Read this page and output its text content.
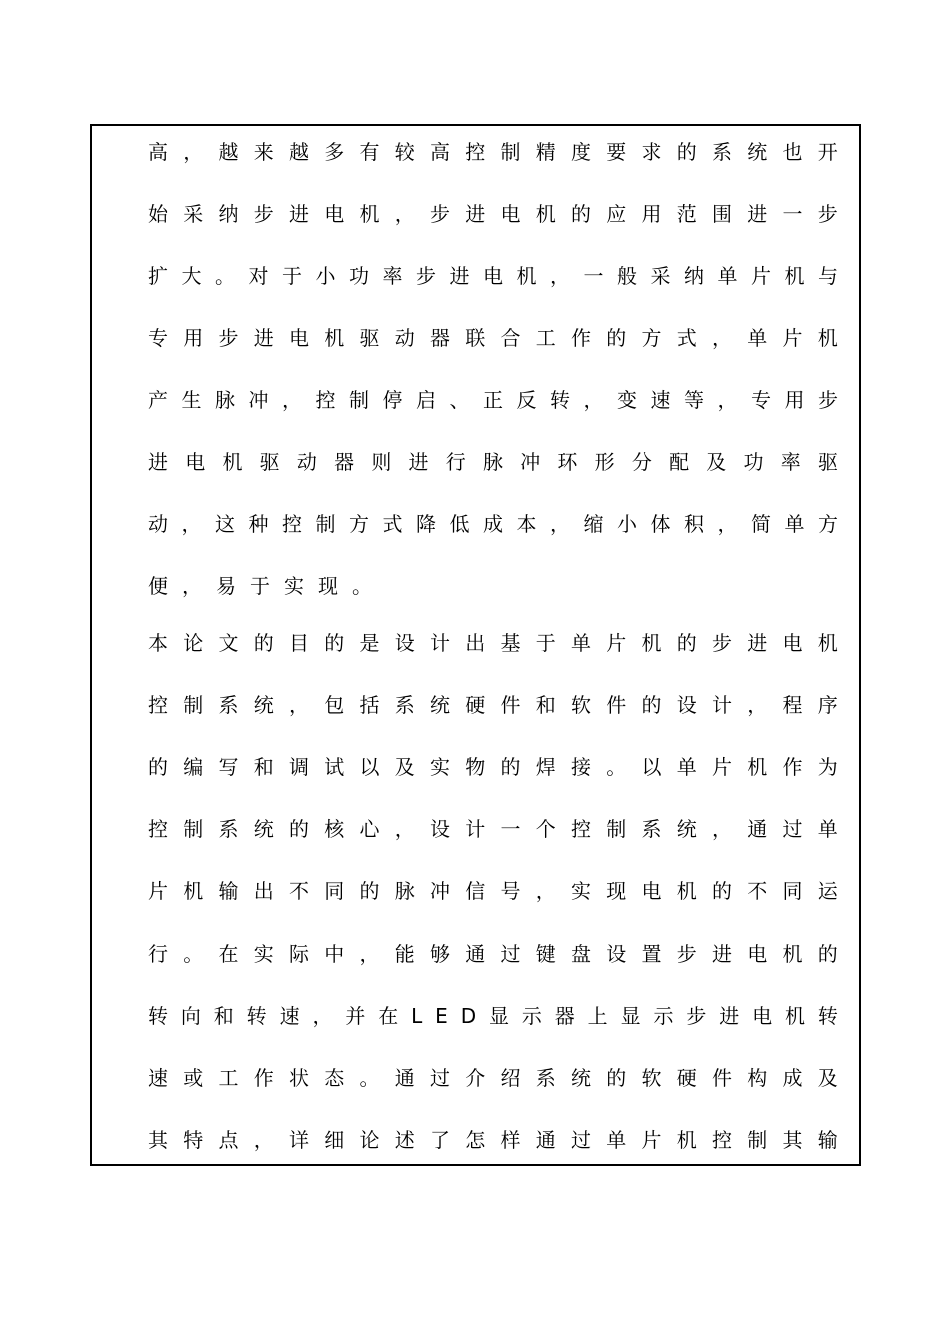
高 ， 越 来 越 多 有 较 高 控 制 精 度 要 求 的 系 统 也 开
始 采 纳 步 进 电 机 ， 步 进 电 机 的 应 用 范 围 进 一 步
扩 大 。 对 于 小 功 率 步 进 电 机 ， 一 般 采 纳 单 片 机 与
专 用 步 进 电 机 驱 动 器 联 合 工 作 的 方 式 ， 单 片 机
产 生 脉 冲 ， 控 制 停 启 、 正 反 转 ， 变 速 等 ， 专 用 步
进 电 机 驱 动 器 则 进 行 脉 冲 环 形 分 配 及 功 率 驱
动 ， 这 种 控 制 方 式 降 低 成 本 ， 缩 小 体 积 ， 简 单 方
便，易于实现。
本 论 文 的 目 的 是 设 计 出 基 于 单 片 机 的 步 进 电 机
控 制 系 统 ， 包 括 系 统 硬 件 和 软 件 的 设 计 ， 程 序
的 编 写 和 调 试 以 及 实 物 的 焊 接 。 以 单 片 机 作 为
控 制 系 统 的 核 心 ， 设 计 一 个 控 制 系 统 ， 通 过 单
片 机 输 出 不 同 的 脉 冲 信 号 ， 实 现 电 机 的 不 同 运
行 。 在 实 际 中 ， 能 够 通 过 键 盘 设 置 步 进 电 机 的
转 向 和 转 速 ， 并 在 L E D 显 示 器 上 显 示 步 进 电 机 转
速 或 工 作 状 态 。 通 过 介 绍 系 统 的 软 硬 件 构 成 及
其 特 点 ， 详 细 论 述 了 怎 样 通 过 单 片 机 控 制 其 输
